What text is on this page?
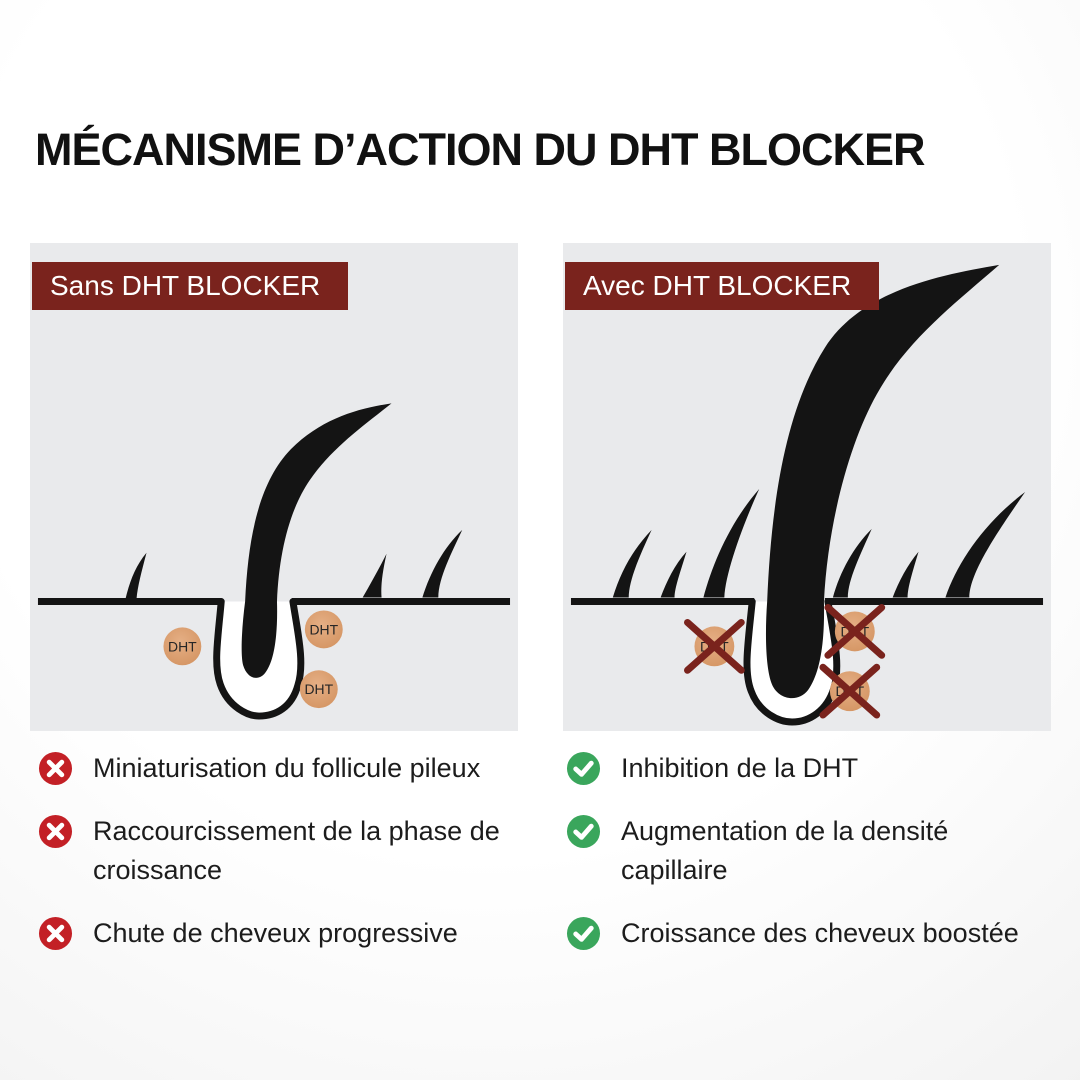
MÉCANISME D’ACTION DU DHT BLOCKER
Sans DHT BLOCKER
DHT
DHT
DHT
Avec DHT BLOCKER
DHT
DHT
DHT
Miniaturisation du follicule pileux
Raccourcissement de la phase de croissance
Chute de cheveux progressive
Inhibition de la DHT
Augmentation de la densité capillaire
Croissance des cheveux boostée
